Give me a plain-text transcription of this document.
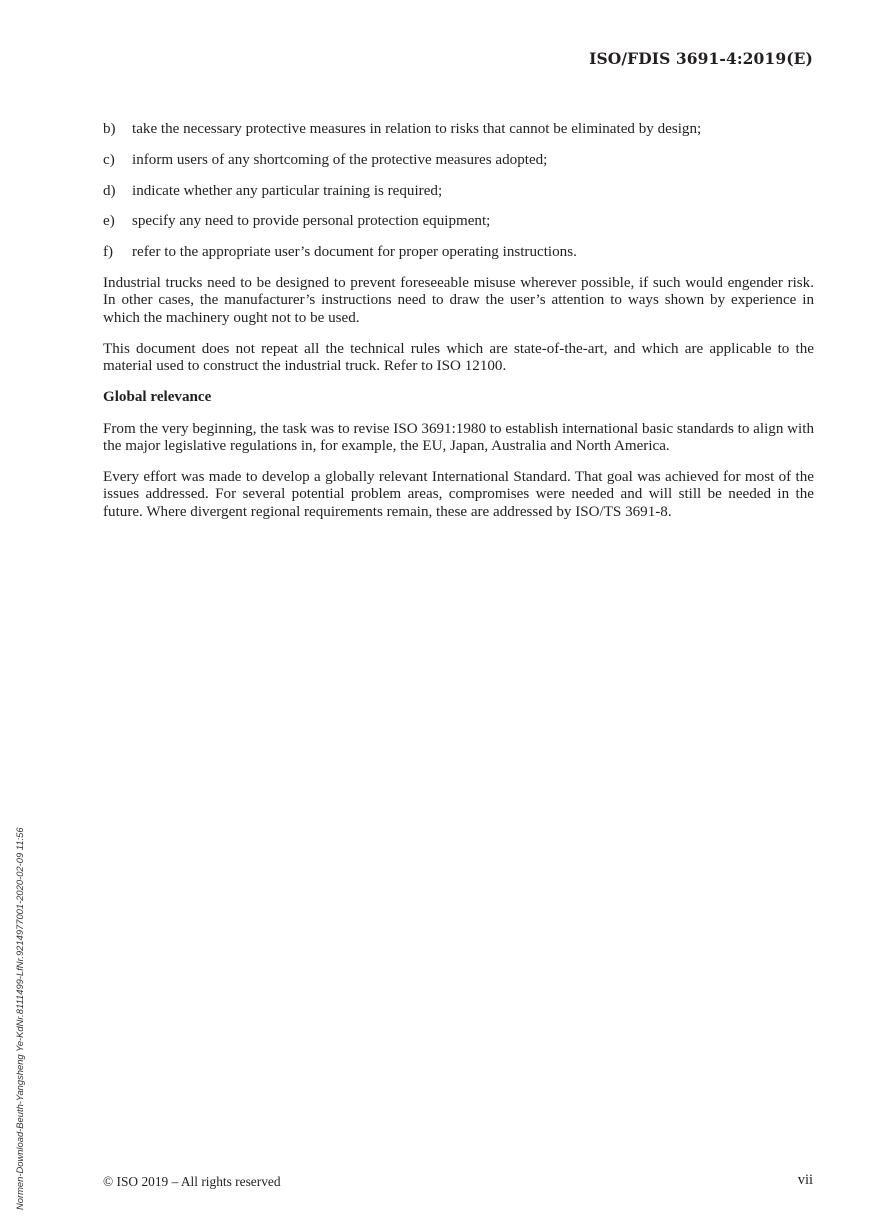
ISO/FDIS 3691-4:2019(E)
b)	take the necessary protective measures in relation to risks that cannot be eliminated by design;
c)	inform users of any shortcoming of the protective measures adopted;
d)	indicate whether any particular training is required;
e)	specify any need to provide personal protection equipment;
f)	refer to the appropriate user’s document for proper operating instructions.

Industrial trucks need to be designed to prevent foreseeable misuse wherever possible, if such would engender risk. In other cases, the manufacturer’s instructions need to draw the user’s attention to ways shown by experience in which the machinery ought not to be used.

This document does not repeat all the technical rules which are state-of-the-art, and which are applicable to the material used to construct the industrial truck. Refer to ISO 12100.

Global relevance

From the very beginning, the task was to revise ISO 3691:1980 to establish international basic standards to align with the major legislative regulations in, for example, the EU, Japan, Australia and North America.

Every effort was made to develop a globally relevant International Standard. That goal was achieved for most of the issues addressed. For several potential problem areas, compromises were needed and will still be needed in the future. Where divergent regional requirements remain, these are addressed by ISO/TS 3691-8.

Normen-Download-Beuth-Yangsheng Ye-KdNr.8111499-LfNr.9214977001-2020-02-09 11:56	© ISO 2019 – All rights reserved	vii
